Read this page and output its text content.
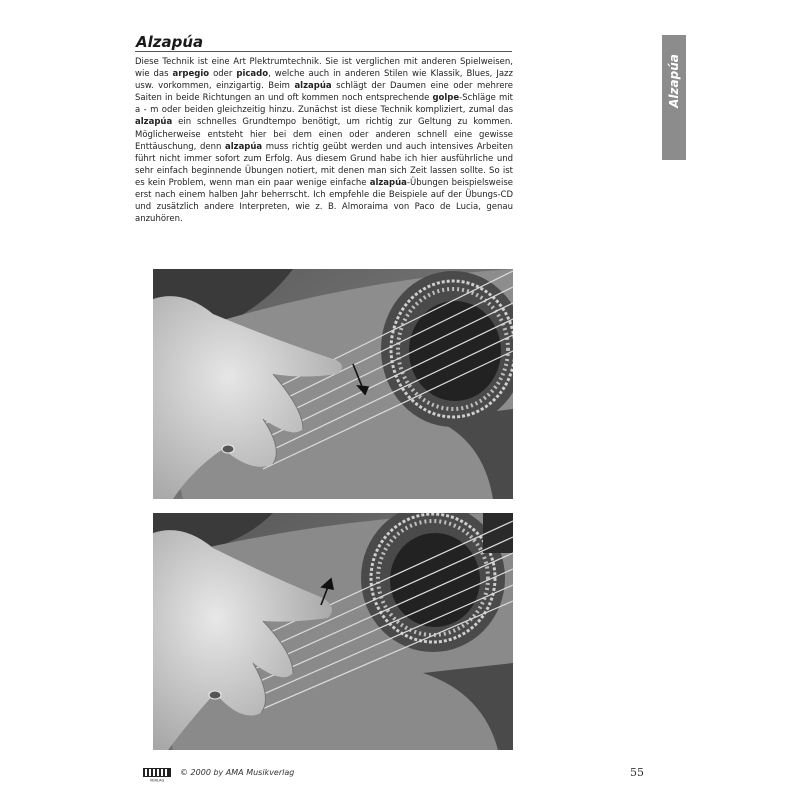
Alzapúa
Alzapúa

Diese Technik ist eine Art Plektrumtechnik. Sie ist verglichen mit anderen Spielweisen, wie das arpegio oder picado, welche auch in anderen Stilen wie Klassik, Blues, Jazz usw. vorkommen, einzigartig. Beim alzapúa schlägt der Daumen eine oder mehrere Saiten in beide Richtungen an und oft kommen noch entsprechende golpe-Schläge mit a - m oder beiden gleichzeitig hinzu. Zunächst ist diese Technik kompliziert, zumal das alzapúa ein schnelles Grundtempo benötigt, um richtig zur Geltung zu kommen. Möglicherweise entsteht hier bei dem einen oder anderen schnell eine gewisse Enttäuschung, denn alzapúa muss richtig geübt werden und auch intensives Arbeiten führt nicht immer sofort zum Erfolg. Aus diesem Grund habe ich hier ausführliche und sehr einfach beginnende Übungen notiert, mit denen man sich Zeit lassen sollte. So ist es kein Problem, wenn man ein paar wenige einfache alzapúa-Übungen beispielsweise erst nach einem halben Jahr beherrscht. Ich empfehle die Beispiele auf der Übungs-CD und zusätzlich andere Interpreten, wie z. B. Almoraima von Paco de Lucia, genau anzuhören.

VERLAG
© 2000 by AMA Musikverlag	55
